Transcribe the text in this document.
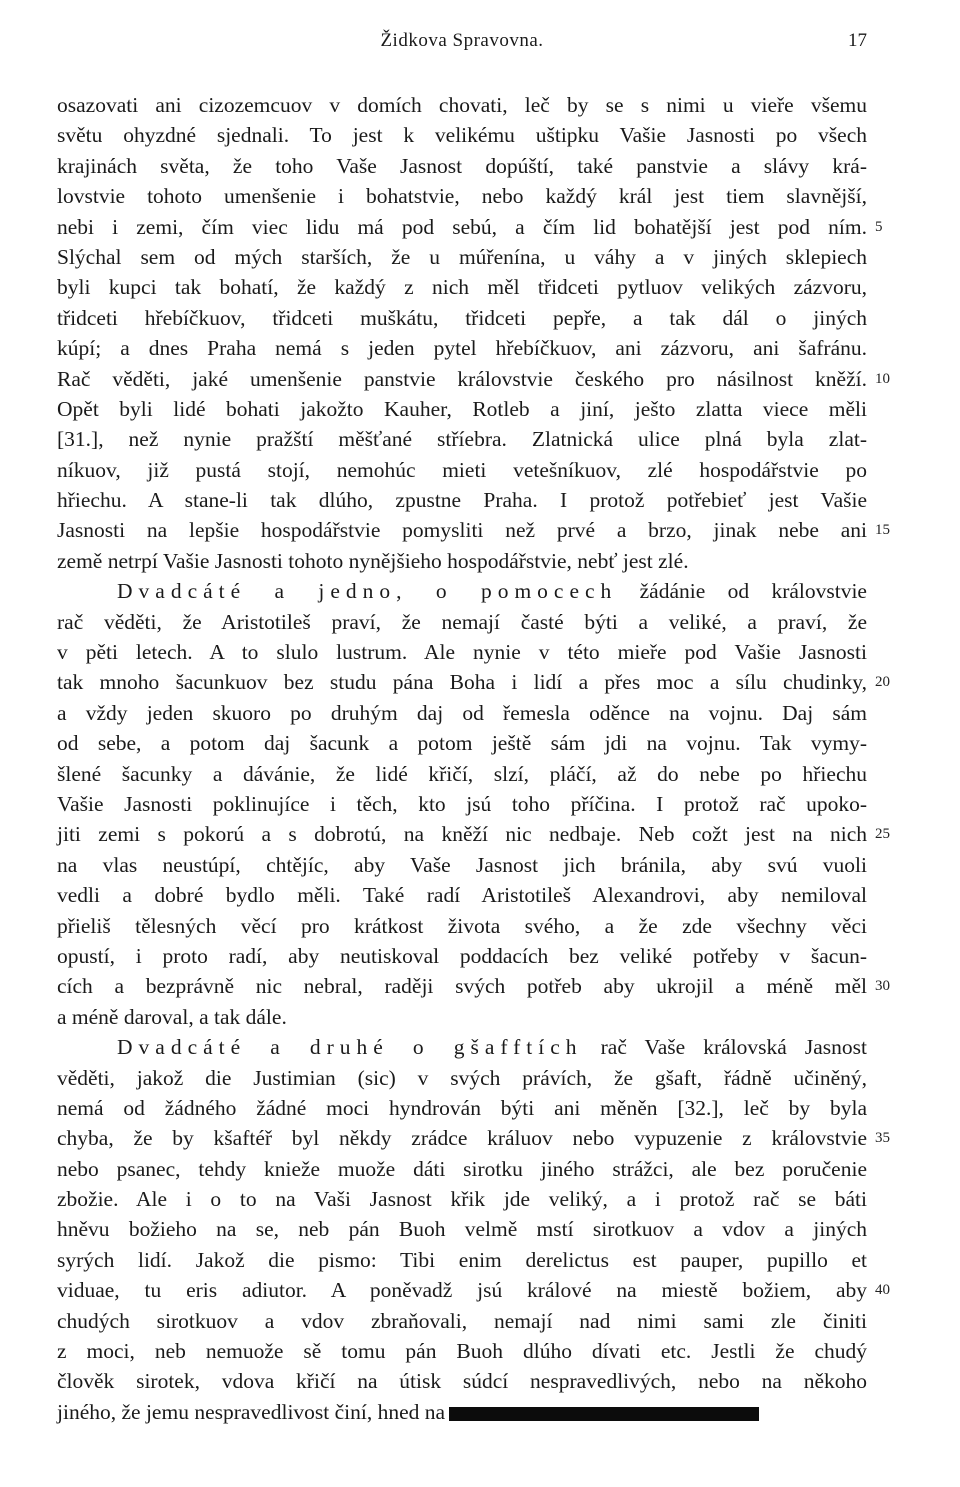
Židkova Spravovna.	17
osazovati ani cizozemcuov v domích chovati, leč by se s nimi u vieře všemu
světu ohyzdné sjednali. To jest k velikému uštipku Vašie Jasnosti po všech
krajinách světa, že toho Vaše Jasnost dopúští, také panstvie a slávy krá-
lovstvie tohoto umenšenie i bohatstvie, nebo každý král jest tiem slavnější,
nebi i zemi, čím viec lidu má pod sebú, a čím lid bohatější jest pod ním. 5
Slýchal sem od mých starších, že u múřenína, u váhy a v jiných sklepiech
byli kupci tak bohatí, že každý z nich měl třidceti pytluov velikých zázvoru,
třidceti hřebíčkuov, třidceti muškátu, třidceti pepře, a tak dál o jiných
kúpí; a dnes Praha nemá s jeden pytel hřebíčkuov, ani zázvoru, ani šafránu.
Rač věděti, jaké umenšenie panstvie královstvie českého pro násilnost kněží. 10
Opět byli lidé bohati jakožto Kauher, Rotleb a jiní, ješto zlatta viece měli
[31.], než nynie pražští měšťané stříebra. Zlatnická ulice plná byla zlat-
níkuov, již pustá stojí, nemohúc mieti vetešníkuov, zlé hospodářstvie po
hřiechu. A stane-li tak dlúho, zpustne Praha. I protož potřebieť jest Vašie
Jasnosti na lepšie hospodářstvie pomysliti než prvé a brzo, jinak nebe ani 15
země netrpí Vašie Jasnosti tohoto nynějšieho hospodářstvie, nebť jest zlé.
Dvadcáté a jedno, o pomocech žádánie od královstvie
rač věděti, že Aristotileš praví, že nemají časté býti a veliké, a praví, že
v pěti letech. A to slulo lustrum. Ale nynie v této mieře pod Vašie Jasnosti
tak mnoho šacunkuov bez studu pána Boha i lidí a přes moc a sílu chudinky, 20
a vždy jeden skuoro po druhým daj od řemesla oděnce na vojnu. Daj sám
od sebe, a potom daj šacunk a potom ještě sám jdi na vojnu. Tak vymy-
šlené šacunky a dávánie, že lidé křičí, slzí, pláčí, až do nebe po hřiechu
Vašie Jasnosti poklinujíce i těch, kto jsú toho příčina. I protož rač upoko-
jiti zemi s pokorú a s dobrotú, na kněží nic nedbaje. Neb cožt jest na nich 25
na vlas neustúpí, chtějíc, aby Vaše Jasnost jich bránila, aby svú vuoli
vedli a dobré bydlo měli. Také radí Aristotileš Alexandrovi, aby nemiloval
přieliš tělesných věcí pro krátkost života svého, a že zde všechny věci
opustí, i proto radí, aby neutiskoval poddacích bez veliké potřeby v šacun-
cích a bezprávně nic nebral, raději svých potřeb aby ukrojil a méně měl 30
a méně daroval, a tak dále.
Dvadcáté a druhé o gšafftích rač Vaše královská Jasnost
věděti, jakož die Justimian (sic) v svých právích, že gšaft, řádně učiněný,
nemá od žádného žádné moci hyndrován býti ani měněn [32.], leč by byla
chyba, že by kšaftéř byl někdy zrádce králuov nebo vypuzenie z královstvie 35
nebo psanec, tehdy knieže muože dáti sirotku jiného strážci, ale bez poručenie
zbožie. Ale i o to na Vaši Jasnost křik jde veliký, a i protož rač se báti
hněvu božieho na se, neb pán Buoh velmě mstí sirotkuov a vdov a jiných
syrých lidí. Jakož die pismo: Tibi enim derelictus est pauper, pupillo et
viduae, tu eris adiutor. A poněvadž jsú králové na miestě božiem, aby 40
chudých sirotkuov a vdov zbraňovali, nemají nad nimi sami zle činiti
z moci, neb nemuože sě tomu pán Buoh dlúho dívati etc. Jestli že chudý
člověk sirotek, vdova křičí na útisk súdcí nespravedlivých, nebo na někoho
jiného, že jemu nespravedlivost činí, hned na
